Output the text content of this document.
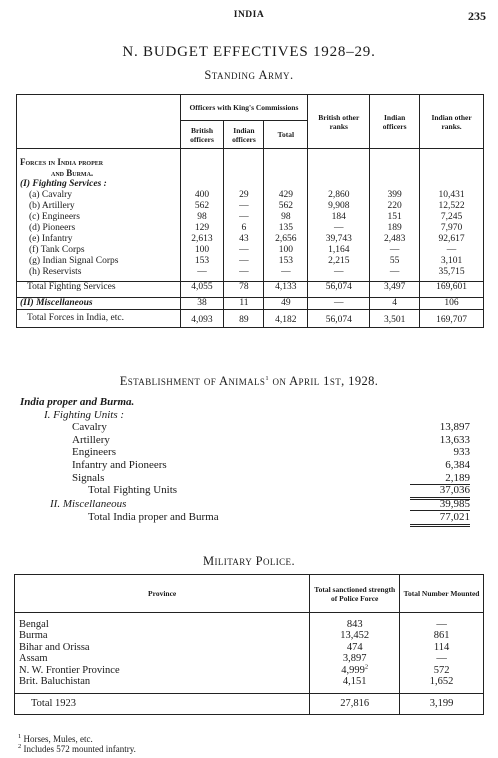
INDIA	235
N. BUDGET EFFECTIVES 1928–29.
Standing Army.
	Officers with King's Commissions			British other ranks	Indian officers	Indian other ranks.
	British officers	Indian officers	Total			

Forces in India proper						
and Burma.						
(I) Fighting Services :						
(a) Cavalry	400	29	429	2,860	399	10,431
(b) Artillery	562	—	562	9,908	220	12,522
(c) Engineers	98	—	98	184	151	7,245
(d) Pioneers	129	6	135	—	189	7,970
(e) Infantry	2,613	43	2,656	39,743	2,483	92,617
(f) Tank Corps	100	—	100	1,164	—	—
(g) Indian Signal Corps	153	—	153	2,215	55	3,101
(h) Reservists	—	—	—	—	—	35,715

Total Fighting Services	4,055	78	4,133	56,074	3,497	169,601

(II) Miscellaneous	38	11	49	—	4	106

Total Forces in India, etc.	4,093	89	4,182	56,074	3,501	169,707
Establishment of Animals$^1$ on April 1st, 1928.
India proper and Burma.
I. Fighting Units :
Cavalry	13,897
Artillery	13,633
Engineers	933
Infantry and Pioneers	6,384
Signals	2,189
Total Fighting Units	37,036
II. Miscellaneous	39,985
Total India proper and Burma	77,021
Military Police.
Province	Total sanctioned strength of Police Force	Total Number Mounted

Bengal	843	—
Burma	13,452	861
Bihar and Orissa	474	114
Assam	3,897	—
N. W. Frontier Province	4,999$^2$	572
Brit. Baluchistan	4,151	1,652

Total 1923	27,816	3,199
$^1$ Horses, Mules, etc.
$^2$ Includes 572 mounted infantry.
